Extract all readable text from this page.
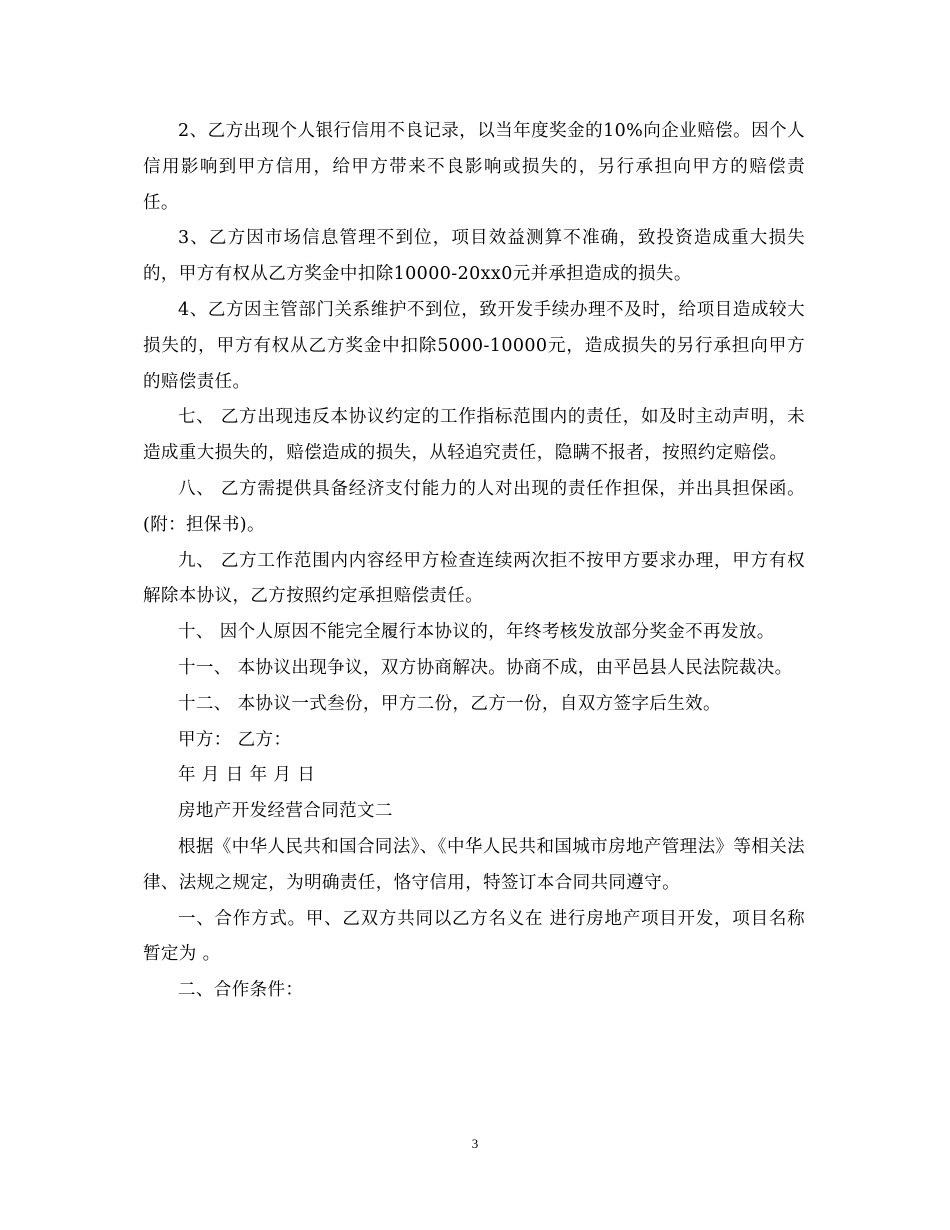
2、乙方出现个人银行信用不良记录，以当年度奖金的10%向企业赔偿。因个人信用影响到甲方信用，给甲方带来不良影响或损失的，另行承担向甲方的赔偿责任。

3、乙方因市场信息管理不到位，项目效益测算不准确，致投资造成重大损失的，甲方有权从乙方奖金中扣除10000-20xx0元并承担造成的损失。

4、乙方因主管部门关系维护不到位，致开发手续办理不及时，给项目造成较大损失的，甲方有权从乙方奖金中扣除5000-10000元，造成损失的另行承担向甲方的赔偿责任。

七、 乙方出现违反本协议约定的工作指标范围内的责任，如及时主动声明，未造成重大损失的，赔偿造成的损失，从轻追究责任，隐瞒不报者，按照约定赔偿。

八、 乙方需提供具备经济支付能力的人对出现的责任作担保，并出具担保函。(附：担保书)。

九、 乙方工作范围内内容经甲方检查连续两次拒不按甲方要求办理，甲方有权解除本协议，乙方按照约定承担赔偿责任。

十、 因个人原因不能完全履行本协议的，年终考核发放部分奖金不再发放。

十一、 本协议出现争议，双方协商解决。协商不成，由平邑县人民法院裁决。

十二、 本协议一式叁份，甲方二份，乙方一份，自双方签字后生效。

甲方： 乙方：

年 月 日 年 月 日

房地产开发经营合同范文二

根据《中华人民共和国合同法》、《中华人民共和国城市房地产管理法》等相关法律、法规之规定，为明确责任，恪守信用，特签订本合同共同遵守。

一、合作方式。甲、乙双方共同以乙方名义在 进行房地产项目开发，项目名称暂定为 。

二、合作条件：

3
